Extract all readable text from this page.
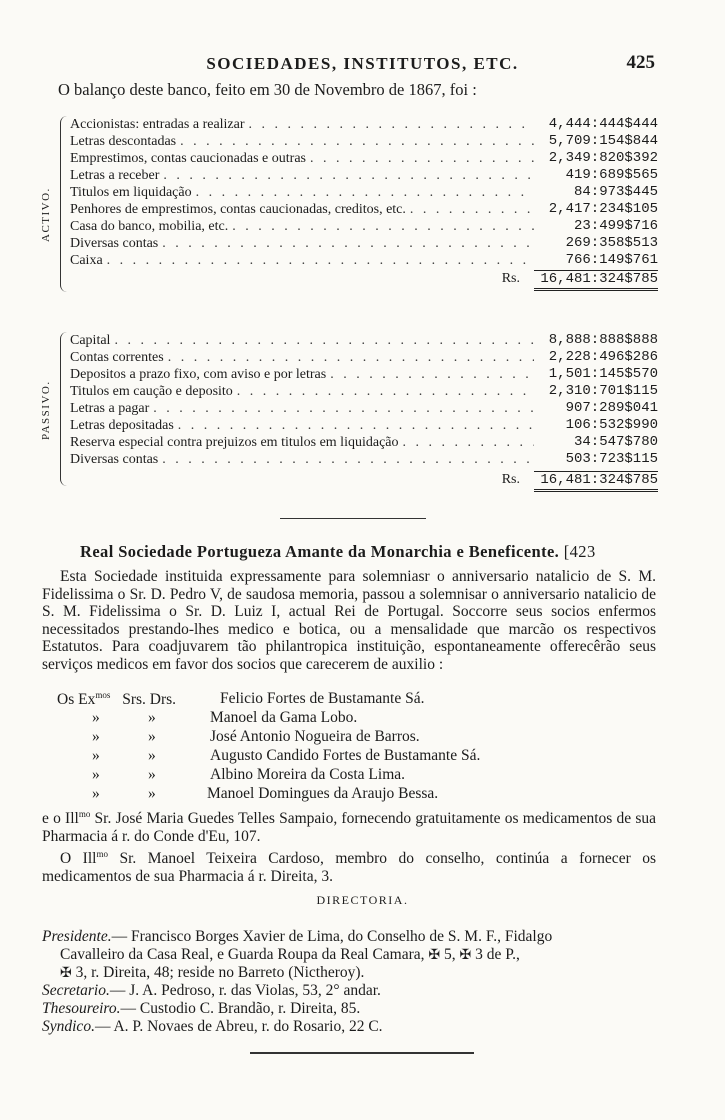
SOCIEDADES, INSTITUTOS, ETC.	425
O balanço deste banco, feito em 30 de Novembro de 1867, foi :
ACTIVO.
Accionistas: entradas a realizar . . .	4,444:444$444
Letras descontadas . . .	5,709:154$844
Emprestimos, contas caucionadas e outras . . .	2,349:820$392
Letras a receber . . .	419:689$565
Titulos em liquidação . . .	84:973$445
Penhores de emprestimos, contas caucionadas, creditos, etc. . . .	2,417:234$105
Casa do banco, mobilia, etc. . . .	23:499$716
Diversas contas . . .	269:358$513
Caixa . . .	766:149$761
Rs.	16,481:324$785
PASSIVO.
Capital . . .	8,888:888$888
Contas correntes . . .	2,228:496$286
Depositos a prazo fixo, com aviso e por letras . . .	1,501:145$570
Titulos em caução e deposito . . .	2,310:701$115
Letras a pagar . . .	907:289$041
Letras depositadas . . .	106:532$990
Reserva especial contra prejuizos em titulos em liquidação . . .	34:547$780
Diversas contas . . .	503:723$115
Rs.	16,481:324$785
Real Sociedade Portugueza Amante da Monarchia e Beneficente. [423
Esta Sociedade instituida expressamente para solemniasr o anniversario natalicio de S. M. Fidelissima o Sr. D. Pedro V, de saudosa memoria, passou a solemnisar o anniversario natalicio de S. M. Fidelissima o Sr. D. Luiz I, actual Rei de Portugal. Soccorre seus socios enfermos necessitados prestando-lhes medico e botica, ou a mensalidade que marcão os respectivos Estatutos. Para coadjuvarem tão philantropica instituição, espontaneamente offerecêrão seus serviços medicos em favor dos socios que carecerem de auxilio :
Os $Ex^{mos}$ Srs. Drs.	Felicio Fortes de Bustamante Sá.
»	»	Manoel da Gama Lobo.
»	»	José Antonio Nogueira de Barros.
»	»	Augusto Candido Fortes de Bustamante Sá.
»	»	Albino Moreira da Costa Lima.
»	»	Manoel Domingues da Araujo Bessa.
e o Ill$^{mo}$ Sr. José Maria Guedes Telles Sampaio, fornecendo gratuitamente os medicamentos de sua Pharmacia á r. do Conde d'Eu, 107.
O Ill$^{mo}$ Sr. Manoel Teixeira Cardoso, membro do conselho, continúa a fornecer os medicamentos de sua Pharmacia á r. Direita, 3.
DIRECTORIA.
Presidente.— Francisco Borges Xavier de Lima, do Conselho de S. M. F., Fidalgo
Cavalleiro da Casa Real, e Guarda Roupa da Real Camara, ✠ 5, ✠ 3 de P.,
✠ 3, r. Direita, 48; reside no Barreto (Nictheroy).
Secretario.— J. A. Pedroso, r. das Violas, 53, 2° andar.
Thesoureiro.— Custodio C. Brandão, r. Direita, 85.
Syndico.— A. P. Novaes de Abreu, r. do Rosario, 22 C.
